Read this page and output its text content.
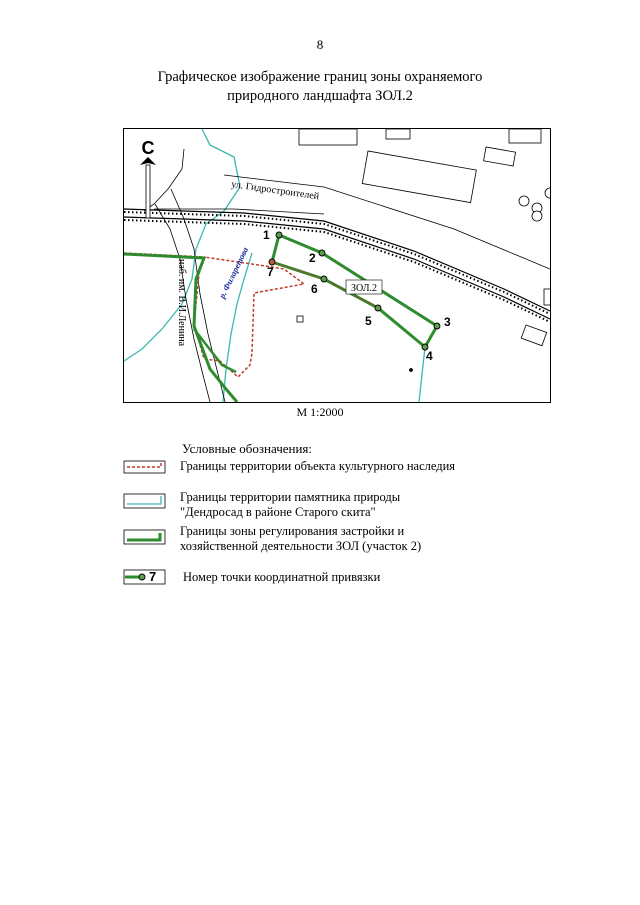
8
Графическое изображение границ зоны охраняемого
природного ландшафта ЗОЛ.2
С
1
2
3
4
5
6
7
ЗОЛ.2
ул. Гидростроителей
наб. им. В.И.Ленина	р. Филаретова
М 1:2000
Условные обозначения:
Границы территории объекта культурного наследия
Границы территории памятника природы
"Дендросад в районе Старого скита"
Границы зоны регулирования застройки и
хозяйственной деятельности ЗОЛ (участок 2)
7 Номер точки координатной привязки
